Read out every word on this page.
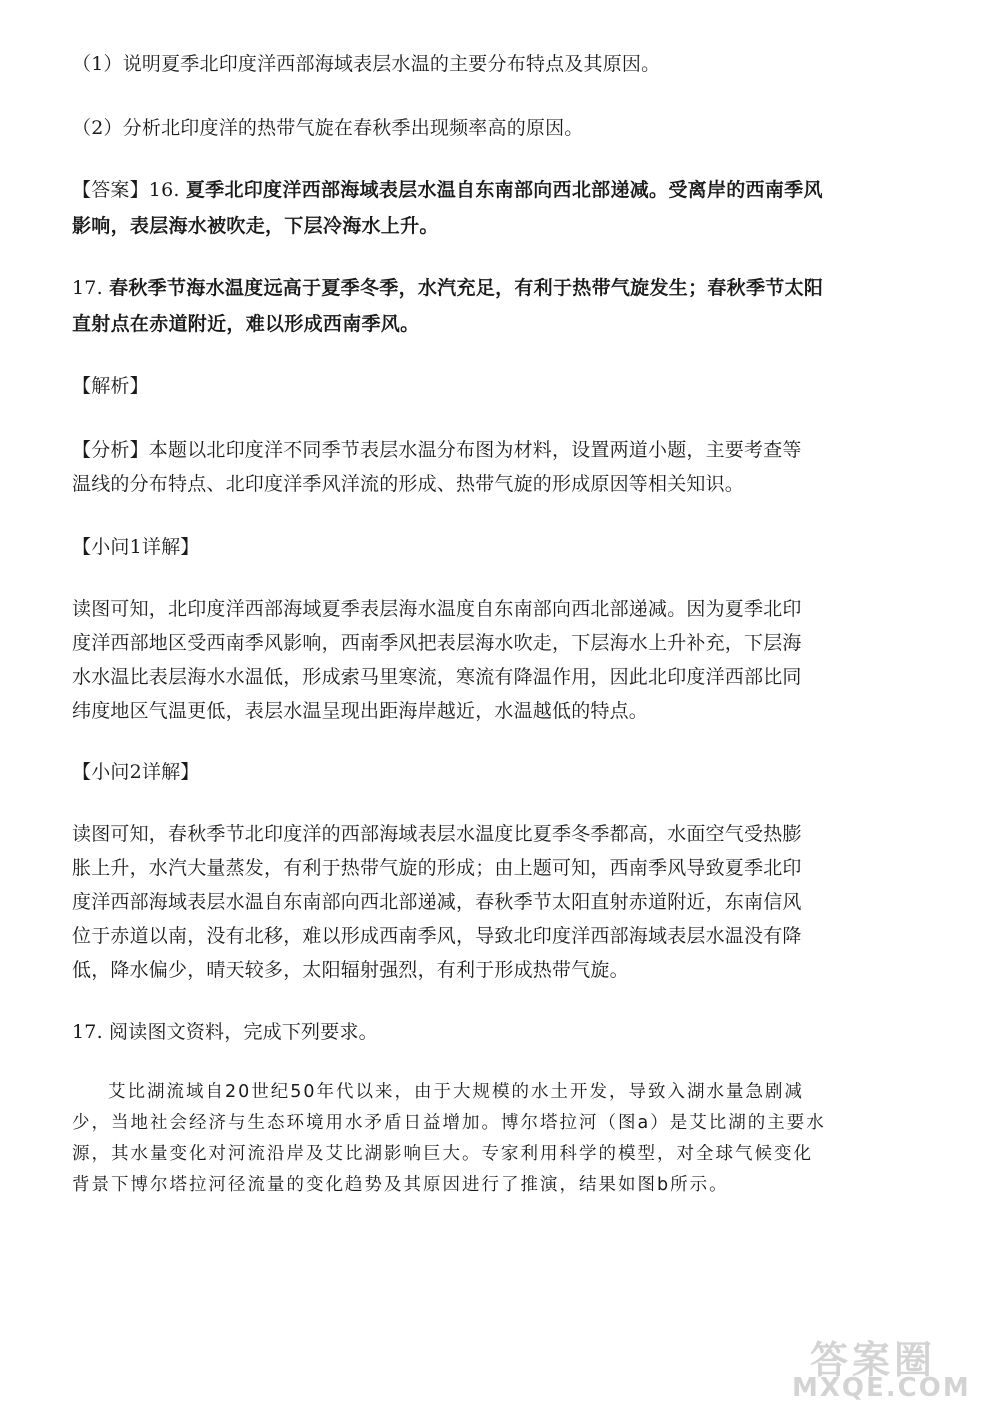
（1）说明夏季北印度洋西部海域表层水温的主要分布特点及其原因。
（2）分析北印度洋的热带气旋在春秋季出现频率高的原因。
【答案】16. 夏季北印度洋西部海域表层水温自东南部向西北部递减。受离岸的西南季风
影响，表层海水被吹走，下层冷海水上升。
17. 春秋季节海水温度远高于夏季冬季，水汽充足，有利于热带气旋发生；春秋季节太阳
直射点在赤道附近，难以形成西南季风。
【解析】
【分析】本题以北印度洋不同季节表层水温分布图为材料，设置两道小题，主要考查等
温线的分布特点、北印度洋季风洋流的形成、热带气旋的形成原因等相关知识。
【小问1详解】
读图可知，北印度洋西部海域夏季表层海水温度自东南部向西北部递减。因为夏季北印
度洋西部地区受西南季风影响，西南季风把表层海水吹走，下层海水上升补充，下层海
水水温比表层海水水温低，形成索马里寒流，寒流有降温作用，因此北印度洋西部比同
纬度地区气温更低，表层水温呈现出距海岸越近，水温越低的特点。
【小问2详解】
读图可知，春秋季节北印度洋的西部海域表层水温度比夏季冬季都高，水面空气受热膨
胀上升，水汽大量蒸发，有利于热带气旋的形成；由上题可知，西南季风导致夏季北印
度洋西部海域表层水温自东南部向西北部递减，春秋季节太阳直射赤道附近，东南信风
位于赤道以南，没有北移，难以形成西南季风，导致北印度洋西部海域表层水温没有降
低，降水偏少，晴天较多，太阳辐射强烈，有利于形成热带气旋。
17. 阅读图文资料，完成下列要求。
艾比湖流域自20世纪50年代以来，由于大规模的水土开发，导致入湖水量急剧减
少，当地社会经济与生态环境用水矛盾日益增加。博尔塔拉河（图a）是艾比湖的主要水
源，其水量变化对河流沿岸及艾比湖影响巨大。专家利用科学的模型，对全球气候变化
背景下博尔塔拉河径流量的变化趋势及其原因进行了推演，结果如图b所示。
答案圈
MXQE.COM
